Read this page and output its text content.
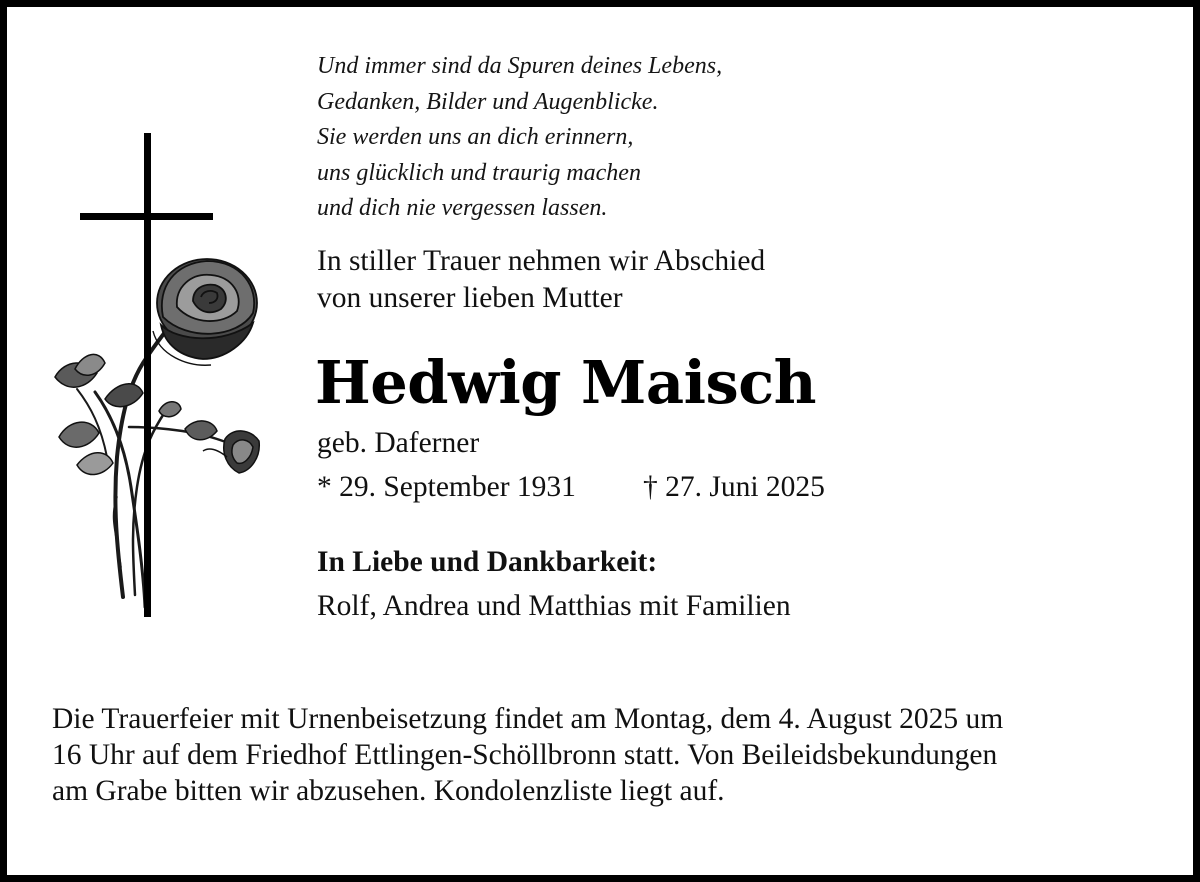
Und immer sind da Spuren deines Lebens,
Gedanken, Bilder und Augenblicke.
Sie werden uns an dich erinnern,
uns glücklich und traurig machen
und dich nie vergessen lassen.
In stiller Trauer nehmen wir Abschied
von unserer lieben Mutter
Hedwig Maisch
geb. Daferner
* 29. September 1931 † 27. Juni 2025
In Liebe und Dankbarkeit:
Rolf, Andrea und Matthias mit Familien
Die Trauerfeier mit Urnenbeisetzung findet am Montag, dem 4. August 2025 um
16 Uhr auf dem Friedhof Ettlingen-Schöllbronn statt. Von Beileidsbekundungen
am Grabe bitten wir abzusehen. Kondolenzliste liegt auf.
